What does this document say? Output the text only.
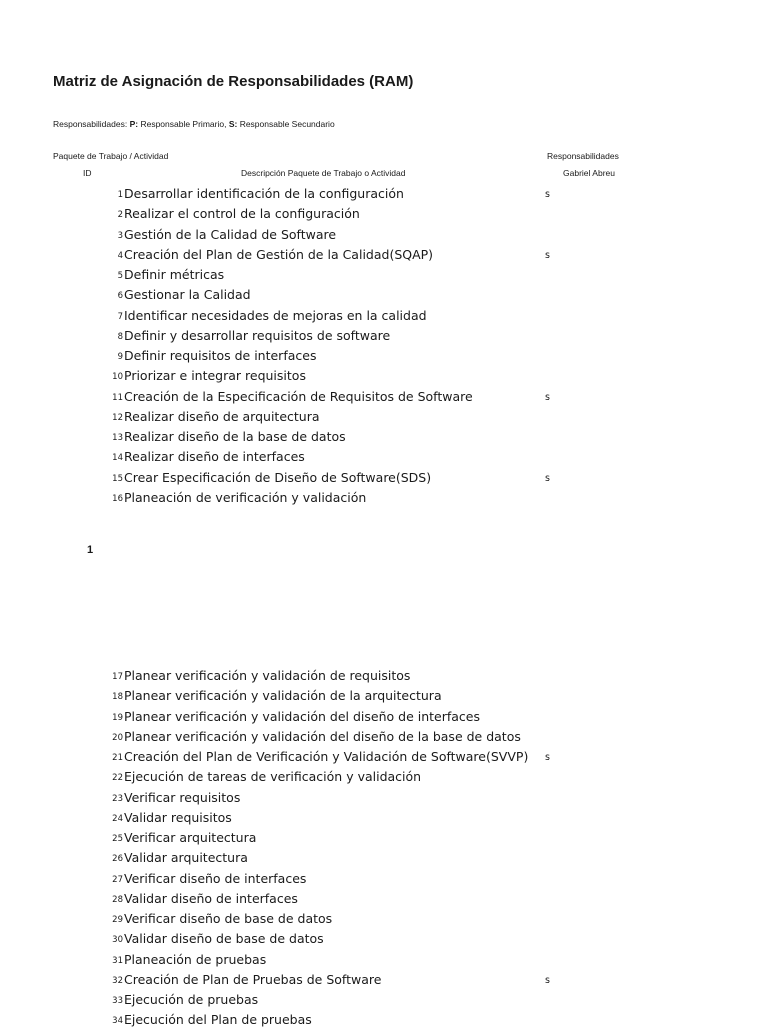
Matriz de Asignación de Responsabilidades (RAM)
Responsabilidades: P: Responsable Primario, S: Responsable Secundario
Paquete de Trabajo / Actividad	Responsabilidades
ID	Descripción Paquete de Trabajo o Actividad	Gabriel Abreu
1 Desarrollar identificación de la configuración	s
2 Realizar el control de la configuración
3 Gestión de la Calidad de Software
4 Creación del Plan de Gestión de la Calidad(SQAP)	s
5 Definir métricas
6 Gestionar la Calidad
7 Identificar necesidades de mejoras en la calidad
8 Definir y desarrollar requisitos de software
9 Definir requisitos de interfaces
10 Priorizar e integrar requisitos
11 Creación de la Especificación de Requisitos de Software	s
12 Realizar diseño de arquitectura
13 Realizar diseño de la base de datos
14 Realizar diseño de interfaces
15 Crear Especificación de Diseño de Software(SDS)	s
16 Planeación de verificación y validación
1
17 Planear verificación y validación de requisitos
18 Planear verificación y validación de la arquitectura
19 Planear verificación y validación del diseño de interfaces
20 Planear verificación y validación del diseño de la base de datos
21 Creación del Plan de Verificación y Validación de Software(SVVP) s
22 Ejecución de tareas de verificación y validación
23 Verificar requisitos
24 Validar requisitos
25 Verificar arquitectura
26 Validar arquitectura
27 Verificar diseño de interfaces
28 Validar diseño de interfaces
29 Verificar diseño de base de datos
30 Validar diseño de base de datos
31 Planeación de pruebas
32 Creación de Plan de Pruebas de Software	s
33 Ejecución de pruebas
34 Ejecución del Plan de pruebas
